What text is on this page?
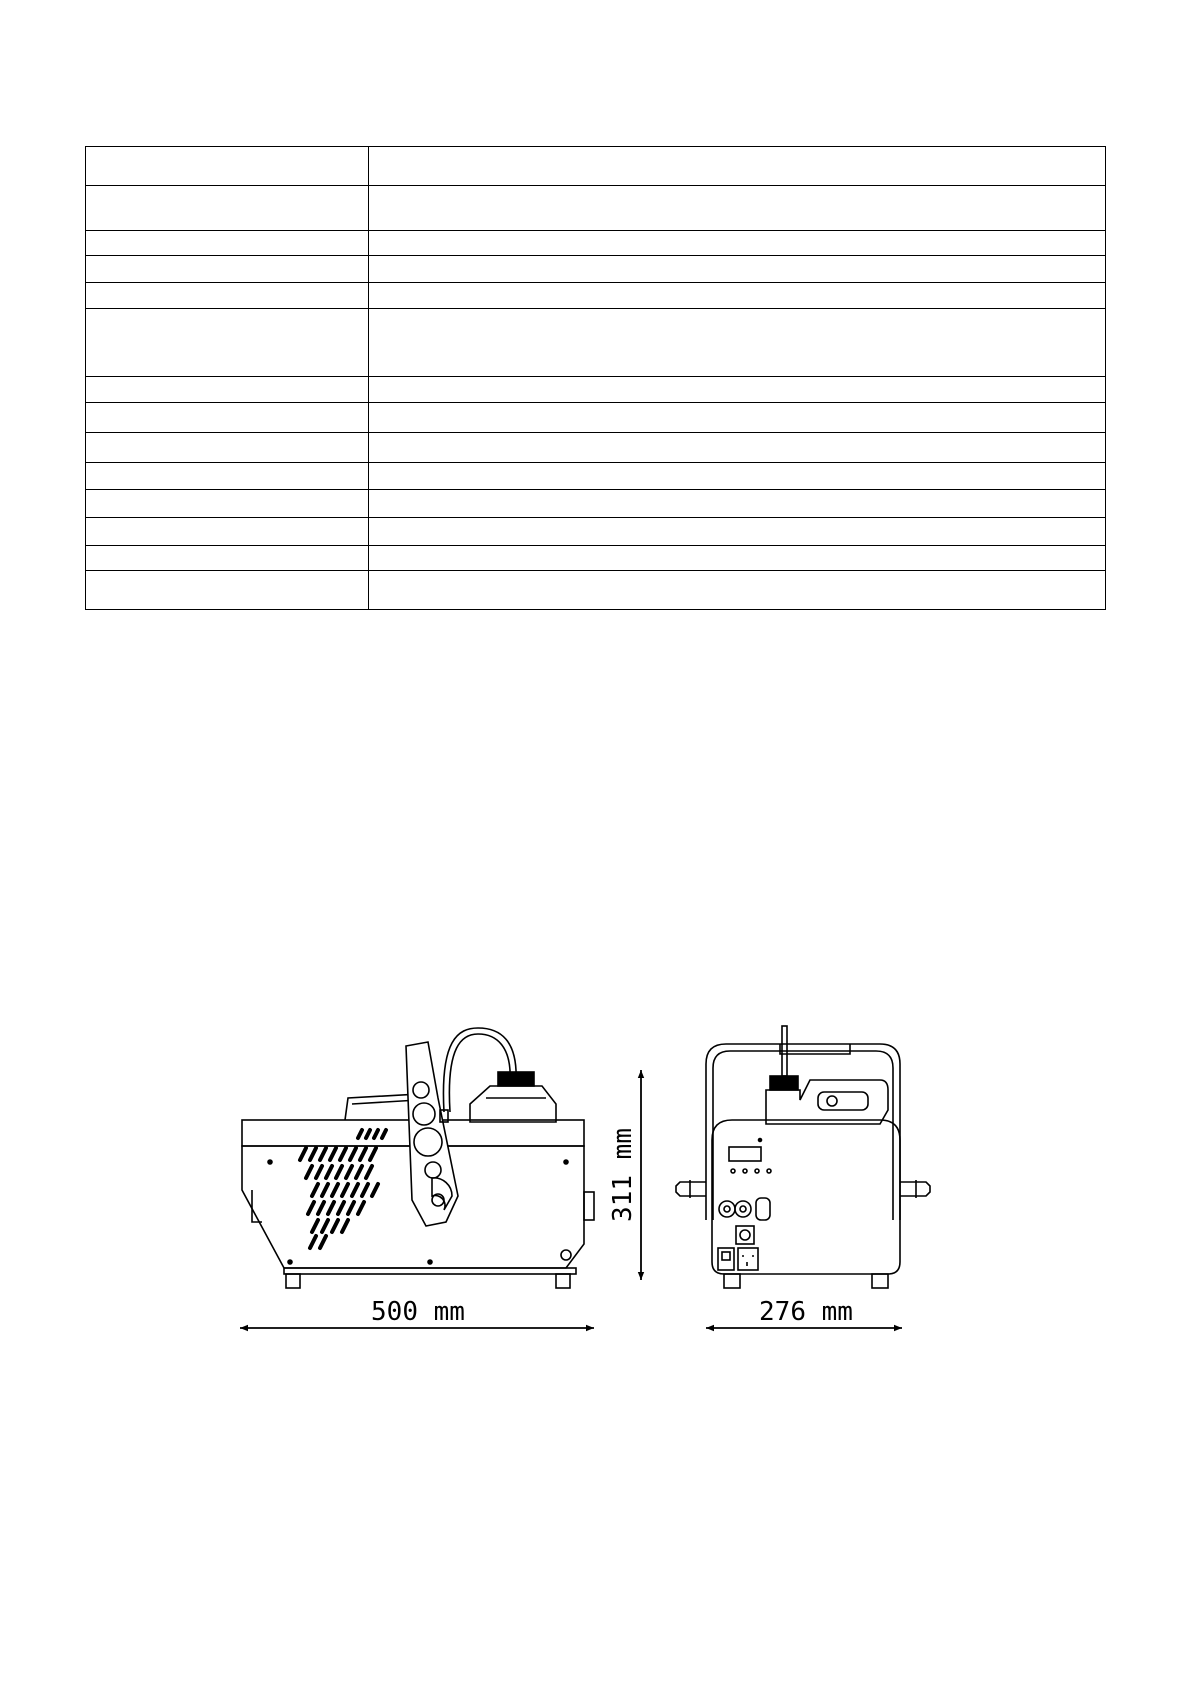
500 mm	276 mm
311 mm
